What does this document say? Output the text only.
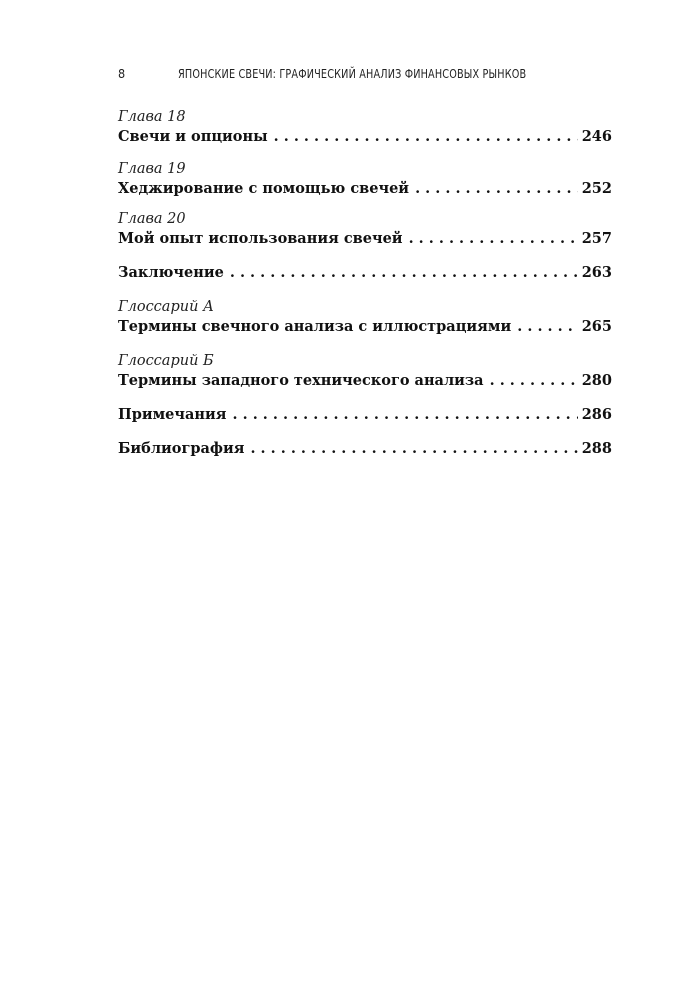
8	ЯПОНСКИЕ СВЕЧИ: ГРАФИЧЕСКИЙ АНАЛИЗ ФИНАНСОВЫХ РЫНКОВ
Глава 18
Свечи и опционы . . .	246
Глава 19
Хеджирование с помощью свечей . . .	252
Глава 20
Мой опыт использования свечей . . .	257
Заключение . . .	263
Глоссарий А
Термины свечного анализа с иллюстрациями . . .	265
Глоссарий Б
Термины западного технического анализа . . .	280
Примечания . . .	286
Библиография . . .	288
